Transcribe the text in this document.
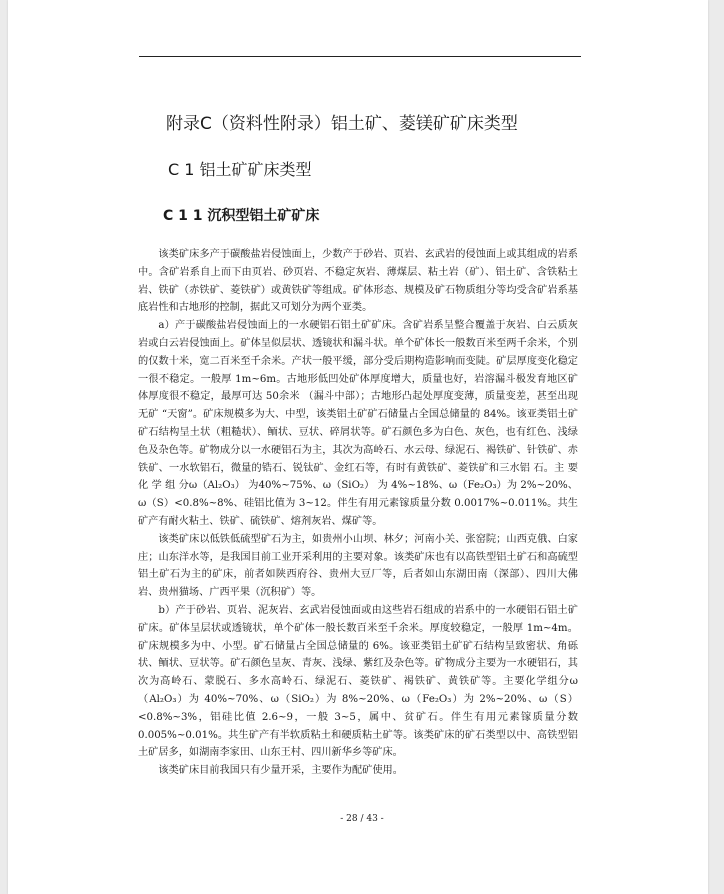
附录C（资料性附录）铝土矿、菱镁矿矿床类型
C 1 铝土矿矿床类型
C 1 1 沉积型铝土矿矿床

该类矿床多产于碳酸盐岩侵蚀面上，少数产于砂岩、页岩、玄武岩的侵蚀面上或其组成的岩系中。含矿岩系自上而下由页岩、砂页岩、不稳定灰岩、薄煤层、粘土岩（矿）、铝土矿、含铁粘土岩、铁矿（赤铁矿、菱铁矿）或黄铁矿等组成。矿体形态、规模及矿石物质组分等均受含矿岩系基底岩性和古地形的控制，据此又可划分为两个亚类。

a）产于碳酸盐岩侵蚀面上的一水硬铝石铝土矿矿床。含矿岩系呈整合覆盖于灰岩、白云质灰岩或白云岩侵蚀面上。矿体呈似层状、透镜状和漏斗状。单个矿体长一般数百米至两千余米，个别的仅数十米，宽二百米至千余米。产状一般平缓，部分受后期构造影响而变陡。矿层厚度变化稳定一很不稳定。一般厚 1m~6m。古地形低凹处矿体厚度增大，质量也好，岩溶漏斗极发育地区矿体厚度很不稳定，最厚可达 50余米 （漏斗中部）；古地形凸起处厚度变薄，质量变差，甚至出现无矿 “天窗”。矿床规模多为大、中型，该类铝土矿矿石储量占全国总储量的 84%。该亚类铝土矿矿石结构呈土状（粗糙状）、鲕状、豆状、碎屑状等。矿石颜色多为白色、灰色，也有红色、浅绿色及杂色等。矿物成分以一水硬铝石为主，其次为高岭石、水云母、绿泥石、褐铁矿、针铁矿、赤铁矿、一水软铝石，微量的锆石、锐钛矿、金红石等，有时有黄铁矿、菱铁矿和三水铝 石。主 要 化 学 组 分ω（Al₂O₃） 为40%~75%、ω（SiO₂） 为 4%~18%、ω（Fe₂O₃）为 2%~20%、ω（S）<0.8%~8%、硅铝比值为 3~12。伴生有用元素镓质量分数 0.0017%~0.011%。共生矿产有耐火粘土、铁矿、硫铁矿、熔剂灰岩、煤矿等。

该类矿床以低铁低硫型矿石为主，如贵州小山坝、林夕；河南小关、张窑院；山西克俄、白家庄；山东洋水等，是我国目前工业开采利用的主要对象。该类矿床也有以高铁型铝土矿石和高硫型铝土矿石为主的矿床，前者如陕西府谷、贵州大豆厂等，后者如山东湖田南（深部）、四川大佛岩、贵州猫场、广西平果（沉积矿）等。

b）产于砂岩、页岩、泥灰岩、玄武岩侵蚀面或由这些岩石组成的岩系中的一水硬铝石铝土矿矿床。矿体呈层状或透镜状，单个矿体一般长数百米至千余米。厚度较稳定，一般厚 1m~4m。矿床规模多为中、小型。矿石储量占全国总储量的 6%。该亚类铝土矿矿石结构呈致密状、角砾状、鲕状、豆状等。矿石颜色呈灰、青灰、浅绿、紫红及杂色等。矿物成分主要为一水硬铝石，其次为高岭石、蒙脱石、多水高岭石、绿泥石、菱铁矿、褐铁矿、黄铁矿等。主要化学组分ω（Al₂O₃）为 40%~70%、ω（SiO₂）为 8%~20%、ω（Fe₂O₃）为 2%~20%、ω（S）<0.8%~3%，铝硅比值 2.6~9，一般 3~5，属中、贫矿石。伴生有用元素镓质量分数 0.005%~0.01%。共生矿产有半软质粘土和硬质粘土矿等。该类矿床的矿石类型以中、高铁型铝土矿居多，如湖南李家田、山东王村、四川新华乡等矿床。

该类矿床目前我国只有少量开采，主要作为配矿使用。

- 28 / 43 -
